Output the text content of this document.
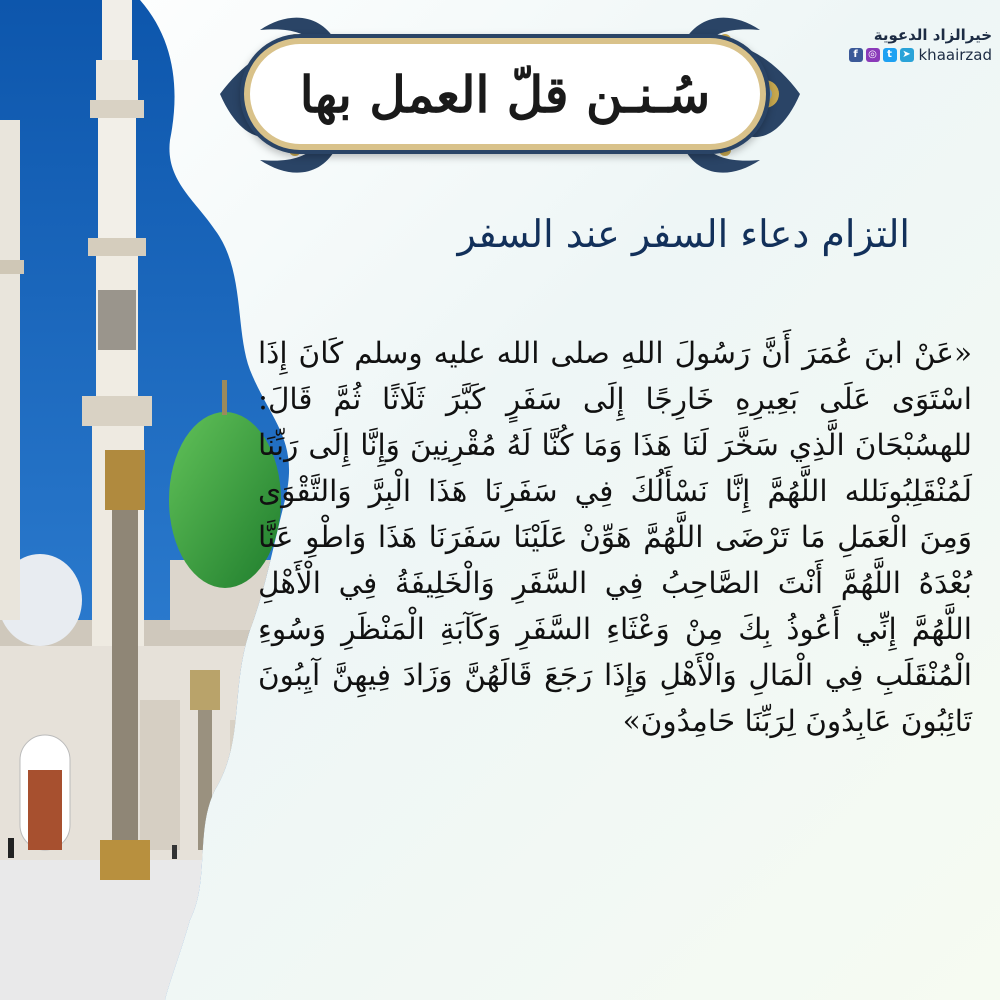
خيرالزاد الدعوية
f	◎	t	➤ khaairzad
سُـنـن قلّ العمل بها
التزام دعاء السفر عند السفر
«عَنْ ابنَ عُمَرَ أَنَّ رَسُولَ اللهِ صلى الله عليه وسلم كَانَ إِذَا اسْتَوَى عَلَى بَعِيرِهِ خَارِجًا إِلَى سَفَرٍ كَبَّرَ ثَلَاثًا ثُمَّ قَالَ: للهسُبْحَانَ الَّذِي سَخَّرَ لَنَا هَذَا وَمَا كُنَّا لَهُ مُقْرِنِينَ وَإِنَّا إِلَى رَبِّنَا لَمُنْقَلِبُونَلله اللَّهُمَّ إِنَّا نَسْأَلُكَ فِي سَفَرِنَا هَذَا الْبِرَّ وَالتَّقْوَى وَمِنَ الْعَمَلِ مَا تَرْضَى اللَّهُمَّ هَوِّنْ عَلَيْنَا سَفَرَنَا هَذَا وَاطْوِ عَنَّا بُعْدَهُ اللَّهُمَّ أَنْتَ الصَّاحِبُ فِي السَّفَرِ وَالْخَلِيفَةُ فِي الْأَهْلِ اللَّهُمَّ إِنِّي أَعُوذُ بِكَ مِنْ وَعْثَاءِ السَّفَرِ وَكَآبَةِ الْمَنْظَرِ وَسُوءِ الْمُنْقَلَبِ فِي الْمَالِ وَالْأَهْلِ وَإِذَا رَجَعَ قَالَهُنَّ وَزَادَ فِيهِنَّ آيِبُونَ تَائِبُونَ عَابِدُونَ لِرَبِّنَا حَامِدُونَ»
